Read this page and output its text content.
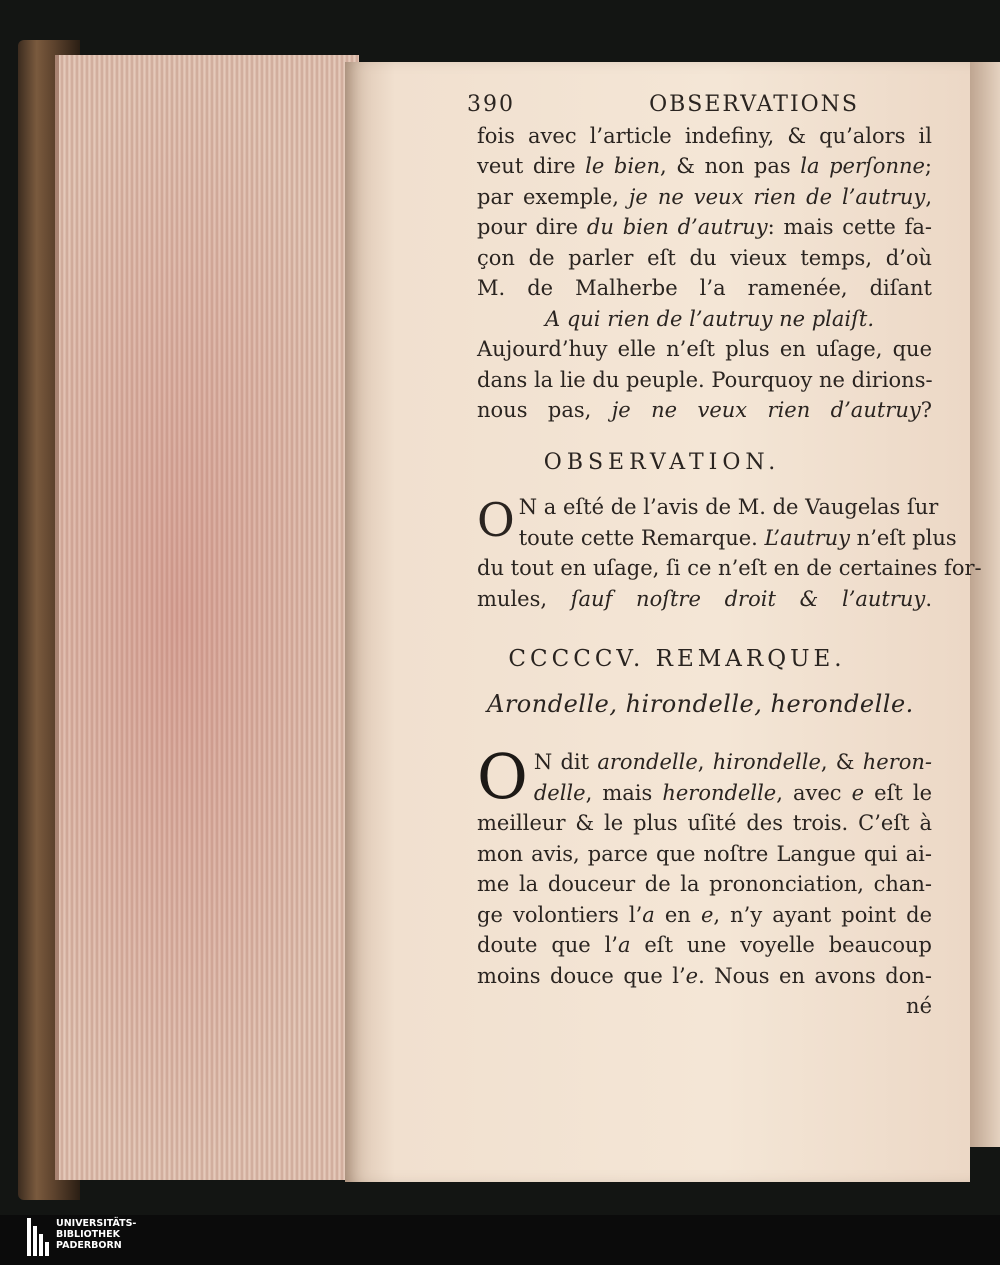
390	OBSERVATIONS
fois avec l’article indefiny, & qu’alors il
veut dire le bien, & non pas la perſonne;
par exemple, je ne veux rien de l’autruy,
pour dire du bien d’autruy: mais cette fa-
çon de parler eſt du vieux temps, d’où
M. de Malherbe l’a ramenée, diſant
A qui rien de l’autruy ne plaiſt.
Aujourd’huy elle n’eſt plus en uſage, que
dans la lie du peuple. Pourquoy ne dirions-
nous pas, je ne veux rien d’autruy?
OBSERVATION.
O N a eſté de l’avis de M. de Vaugelas ſur
toute cette Remarque. L’autruy n’eſt plus
du tout en uſage, ſi ce n’eſt en de certaines for-
mules, ſauf noſtre droit & l’autruy.
CCCCCV. REMARQUE.
Arondelle, hirondelle, herondelle.
O N dit arondelle, hirondelle, & heron-
delle, mais herondelle, avec e eſt le
meilleur & le plus uſité des trois. C’eſt à
mon avis, parce que noſtre Langue qui ai-
me la douceur de la prononciation, chan-
ge volontiers l’a en e, n’y ayant point de
doute que l’a eſt une voyelle beaucoup
moins douce que l’e. Nous en avons don-
né
UNIVERSITÄTS-
BIBLIOTHEK
PADERBORN
